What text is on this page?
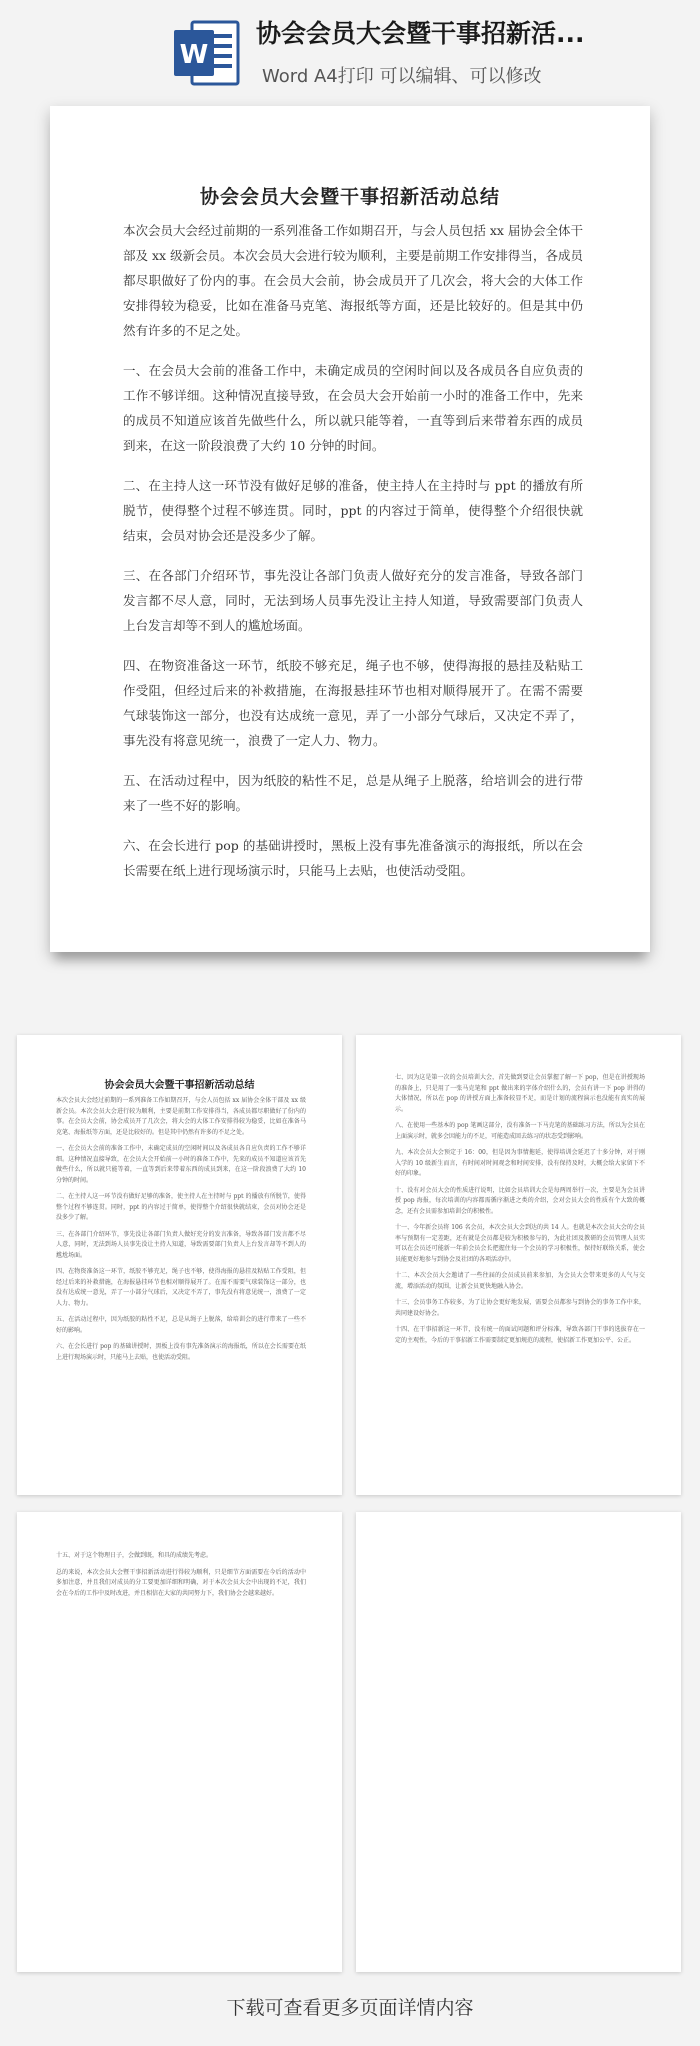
W
协会会员大会暨干事招新活...
Word A4打印 可以编辑、可以修改
协会会员大会暨干事招新活动总结

本次会员大会经过前期的一系列准备工作如期召开，与会人员包括 xx 届协会全体干部及 xx 级新会员。本次会员大会进行较为顺利，主要是前期工作安排得当，各成员都尽职做好了份内的事。在会员大会前，协会成员开了几次会，将大会的大体工作安排得较为稳妥，比如在准备马克笔、海报纸等方面，还是比较好的。但是其中仍然有许多的不足之处。

一、在会员大会前的准备工作中，未确定成员的空闲时间以及各成员各自应负责的工作不够详细。这种情况直接导致，在会员大会开始前一小时的准备工作中，先来的成员不知道应该首先做些什么，所以就只能等着，一直等到后来带着东西的成员到来，在这一阶段浪费了大约 10 分钟的时间。

二、在主持人这一环节没有做好足够的准备，使主持人在主持时与 ppt 的播放有所脱节，使得整个过程不够连贯。同时，ppt 的内容过于简单，使得整个介绍很快就结束，会员对协会还是没多少了解。

三、在各部门介绍环节，事先没让各部门负责人做好充分的发言准备，导致各部门发言都不尽人意，同时，无法到场人员事先没让主持人知道，导致需要部门负责人上台发言却等不到人的尴尬场面。

四、在物资准备这一环节，纸胶不够充足，绳子也不够，使得海报的悬挂及粘贴工作受阻，但经过后来的补救措施，在海报悬挂环节也相对顺得展开了。在需不需要气球装饰这一部分，也没有达成统一意见，弄了一小部分气球后，又决定不弄了，事先没有将意见统一，浪费了一定人力、物力。

五、在活动过程中，因为纸胶的粘性不足，总是从绳子上脱落，给培训会的进行带来了一些不好的影响。

六、在会长进行 pop 的基础讲授时，黑板上没有事先准备演示的海报纸，所以在会长需要在纸上进行现场演示时，只能马上去贴，也使活动受阻。

协会会员大会暨干事招新活动总结

本次会员大会经过前期的一系列准备工作如期召开，与会人员包括 xx 届协会全体干部及 xx 级新会员。本次会员大会进行较为顺利，主要是前期工作安排得当，各成员都尽职做好了份内的事。在会员大会前，协会成员开了几次会，将大会的大体工作安排得较为稳妥，比如在准备马克笔、海报纸等方面，还是比较好的。但是其中仍然有许多的不足之处。

一、在会员大会前的准备工作中，未确定成员的空闲时间以及各成员各自应负责的工作不够详细。这种情况直接导致，在会员大会开始前一小时的准备工作中，先来的成员不知道应该首先做些什么，所以就只能等着，一直等到后来带着东西的成员到来，在这一阶段浪费了大约 10 分钟的时间。

二、在主持人这一环节没有做好足够的准备，使主持人在主持时与 ppt 的播放有所脱节，使得整个过程不够连贯。同时，ppt 的内容过于简单，使得整个介绍很快就结束，会员对协会还是没多少了解。

三、在各部门介绍环节，事先没让各部门负责人做好充分的发言准备，导致各部门发言都不尽人意，同时，无法到场人员事先没让主持人知道，导致需要部门负责人上台发言却等不到人的尴尬场面。

四、在物资准备这一环节，纸胶不够充足，绳子也不够，使得海报的悬挂及粘贴工作受阻，但经过后来的补救措施，在海报悬挂环节也相对顺得展开了。在需不需要气球装饰这一部分，也没有达成统一意见，弄了一小部分气球后，又决定不弄了，事先没有将意见统一，浪费了一定人力、物力。

五、在活动过程中，因为纸胶的粘性不足，总是从绳子上脱落，给培训会的进行带来了一些不好的影响。

六、在会长进行 pop 的基础讲授时，黑板上没有事先准备演示的海报纸，所以在会长需要在纸上进行现场演示时，只能马上去贴，也使活动受阻。

七、因为这是第一次的会员培训大会，首先做到要让会员掌握了解一下 pop，但是在讲授现场的准备上，只是用了一张马克笔和 ppt 做出来的字体介绍什么的，会员有讲一下 pop 讲得的大体情况，所以在 pop 的讲授方面上准备较显不足，而是计划的流程演示也没能有真实的展示。

八、在使用一些基本的 pop 笔画这部分，没有准备一下马克笔的基础练习方法，所以为会员在上面演示时，就多会因能力的不足，可能造成回去练习的状态受到影响。

九、本次会员大会预定于 16：00，但是因为事情拖延，使得培训会延迟了十多分钟，对于刚入学的 10 级新生而言，有时间对时间观念和时间安排，没有保持及时，大概会给大家留下不好的印象。

十、没有对会员大会的性质进行说明，比如会员培训大会是每两周举行一次，主要是为会员讲授 pop 海报，每次培训的内容都需循序渐进之类的介绍，会对会员大会的性质有个大致的概念，还有会员需参加培训会的积极性。

十一、今年新会员将 106 名会员，本次会员大会到达的共 14 人。也就是本次会员大会的会员率与预期有一定差距，还有就是会员都是较为积极参与的，为此社团及教研的会员管理人员实可以在会员还可能新一年前会员会长把握住每一个会员的学习积极性，保持好联络关系，使会员能更好地参与到协会及社团的各项活动中。

十二、本次会员大会邀请了一些往届的会员成员前来参加，为会员大会带来更多的人气与交流，增添活动的氛围，让新会员更快地融入协会。

十三、会员事务工作较多，为了让协会更好地发展，需要会员都参与到协会的事务工作中来，共同建设好协会。

十四、在干事招新这一环节，没有统一的面试问题和评分标准，导致各部门干事的选拔存在一定的主观性，今后的干事招新工作需要制定更加规范的流程，使招新工作更加公平、公正。

十五、对于这个物理日子，会做到既，和具的成绩先考虑。

总的来说，本次会员大会暨干事招新活动进行得较为顺利，只是细节方面需要在今后的活动中多加注意，并且我们对成员的分工要更加详细和明确，对于本次会员大会中出现的不足，我们会在今后的工作中及时改进，并且相信在大家的共同努力下，我们协会会越来越好。

下载可查看更多页面详情内容
